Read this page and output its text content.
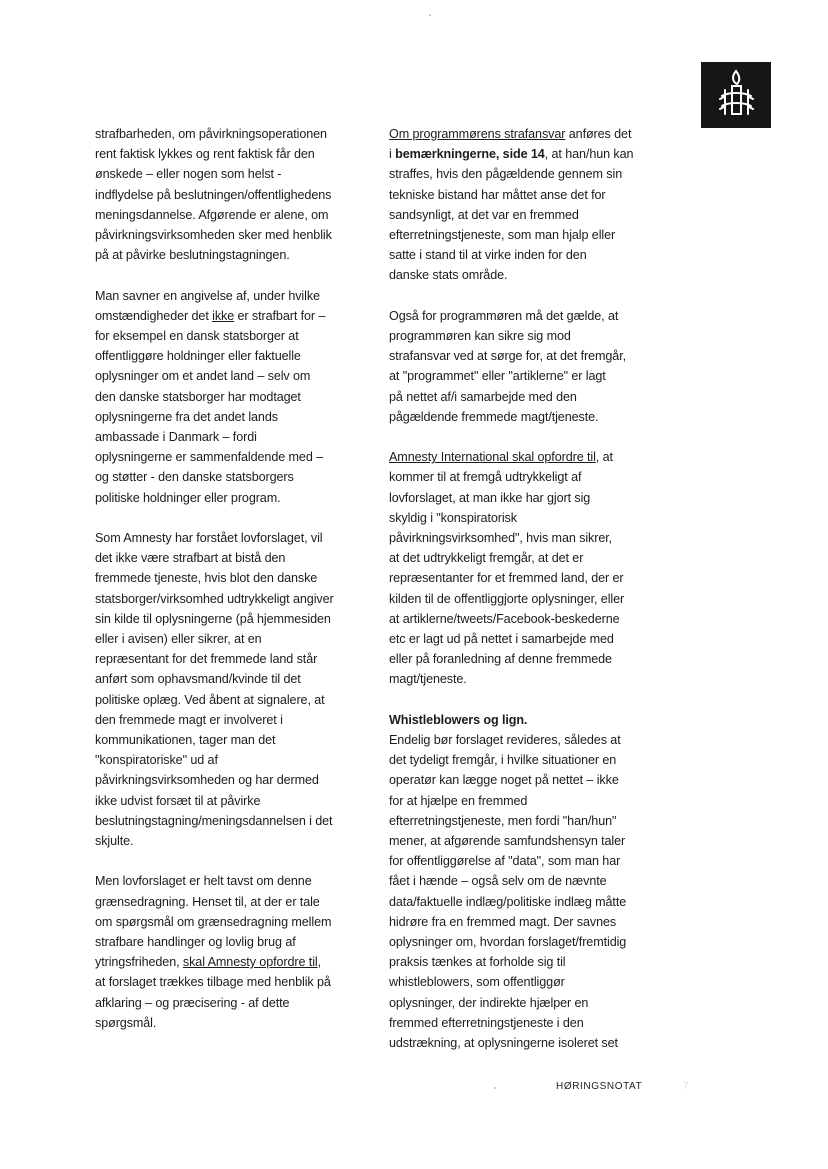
strafbarheden, om påvirkningsoperationen
rent faktisk lykkes og rent faktisk får den
ønskede – eller nogen som helst -
indflydelse på beslutningen/offentlighedens
meningsdannelse. Afgørende er alene, om
påvirkningsvirksomheden sker med henblik
på at påvirke beslutningstagningen.

Man savner en angivelse af, under hvilke
omstændigheder det ikke er strafbart for –
for eksempel en dansk statsborger at
offentliggøre holdninger eller faktuelle
oplysninger om et andet land – selv om
den danske statsborger har modtaget
oplysningerne fra det andet lands
ambassade i Danmark – fordi
oplysningerne er sammenfaldende med –
og støtter - den danske statsborgers
politiske holdninger eller program.

Som Amnesty har forstået lovforslaget, vil
det ikke være strafbart at bistå den
fremmede tjeneste, hvis blot den danske
statsborger/virksomhed udtrykkeligt angiver
sin kilde til oplysningerne (på hjemmesiden
eller i avisen) eller sikrer, at en
repræsentant for det fremmede land står
anført som ophavsmand/kvinde til det
politiske oplæg. Ved åbent at signalere, at
den fremmede magt er involveret i
kommunikationen, tager man det
"konspiratoriske" ud af
påvirkningsvirksomheden og har dermed
ikke udvist forsæt til at påvirke
beslutningstagning/meningsdannelsen i det
skjulte.

Men lovforslaget er helt tavst om denne
grænsedragning. Henset til, at der er tale
om spørgsmål om grænsedragning mellem
strafbare handlinger og lovlig brug af
ytringsfriheden, skal Amnesty opfordre til,
at forslaget trækkes tilbage med henblik på
afklaring – og præcisering - af dette
spørgsmål.

Om programmørens strafansvar anføres det
i bemærkningerne, side 14, at han/hun kan
straffes, hvis den pågældende gennem sin
tekniske bistand har måttet anse det for
sandsynligt, at det var en fremmed
efterretningstjeneste, som man hjalp eller
satte i stand til at virke inden for den
danske stats område.

Også for programmøren må det gælde, at
programmøren kan sikre sig mod
strafansvar ved at sørge for, at det fremgår,
at "programmet" eller "artiklerne" er lagt
på nettet af/i samarbejde med den
pågældende fremmede magt/tjeneste.

Amnesty International skal opfordre til, at
kommer til at fremgå udtrykkeligt af
lovforslaget, at man ikke har gjort sig
skyldig i "konspiratorisk
påvirkningsvirksomhed", hvis man sikrer,
at det udtrykkeligt fremgår, at det er
repræsentanter for et fremmed land, der er
kilden til de offentliggjorte oplysninger, eller
at artiklerne/tweets/Facebook-beskederne
etc er lagt ud på nettet i samarbejde med
eller på foranledning af denne fremmede
magt/tjeneste.

Whistleblowers og lign.
Endelig bør forslaget revideres, således at
det tydeligt fremgår, i hvilke situationer en
operatør kan lægge noget på nettet – ikke
for at hjælpe en fremmed
efterretningstjeneste, men fordi "han/hun"
mener, at afgørende samfundshensyn taler
for offentliggørelse af "data", som man har
fået i hænde – også selv om de nævnte
data/faktuelle indlæg/politiske indlæg måtte
hidrøre fra en fremmed magt. Der savnes
oplysninger om, hvordan forslaget/fremtidig
praksis tænkes at forholde sig til
whistleblowers, som offentliggør
oplysninger, der indirekte hjælper en
fremmed efterretningstjeneste i den
udstrækning, at oplysningerne isoleret set

HØRINGSNOTAT	7
